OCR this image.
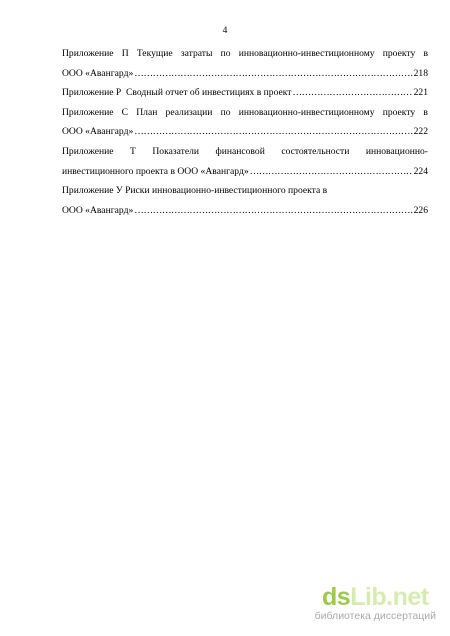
4
Приложение П Текущие затраты по инновационно-инвестиционному проекту в
ООО «Авангард» ……………………………………………………………………………………………………………………………………………	218
Приложение Р  Сводный отчет об инвестициях в проект ……………………………………………………………………………………………………………………………………………	221
Приложение С План реализации по инновационно-инвестиционному проекту в
ООО «Авангард» ……………………………………………………………………………………………………………………………………………	222
Приложение Т Показатели финансовой состоятельности инновационно-
инвестиционного проекта в ООО «Авангард» ……………………………………………………………………………………………………………………………………………	224
Приложение У Риски инновационно-инвестиционного проекта в
ООО «Авангард» ……………………………………………………………………………………………………………………………………………	226
dsLib.net
библиотека диссертаций
